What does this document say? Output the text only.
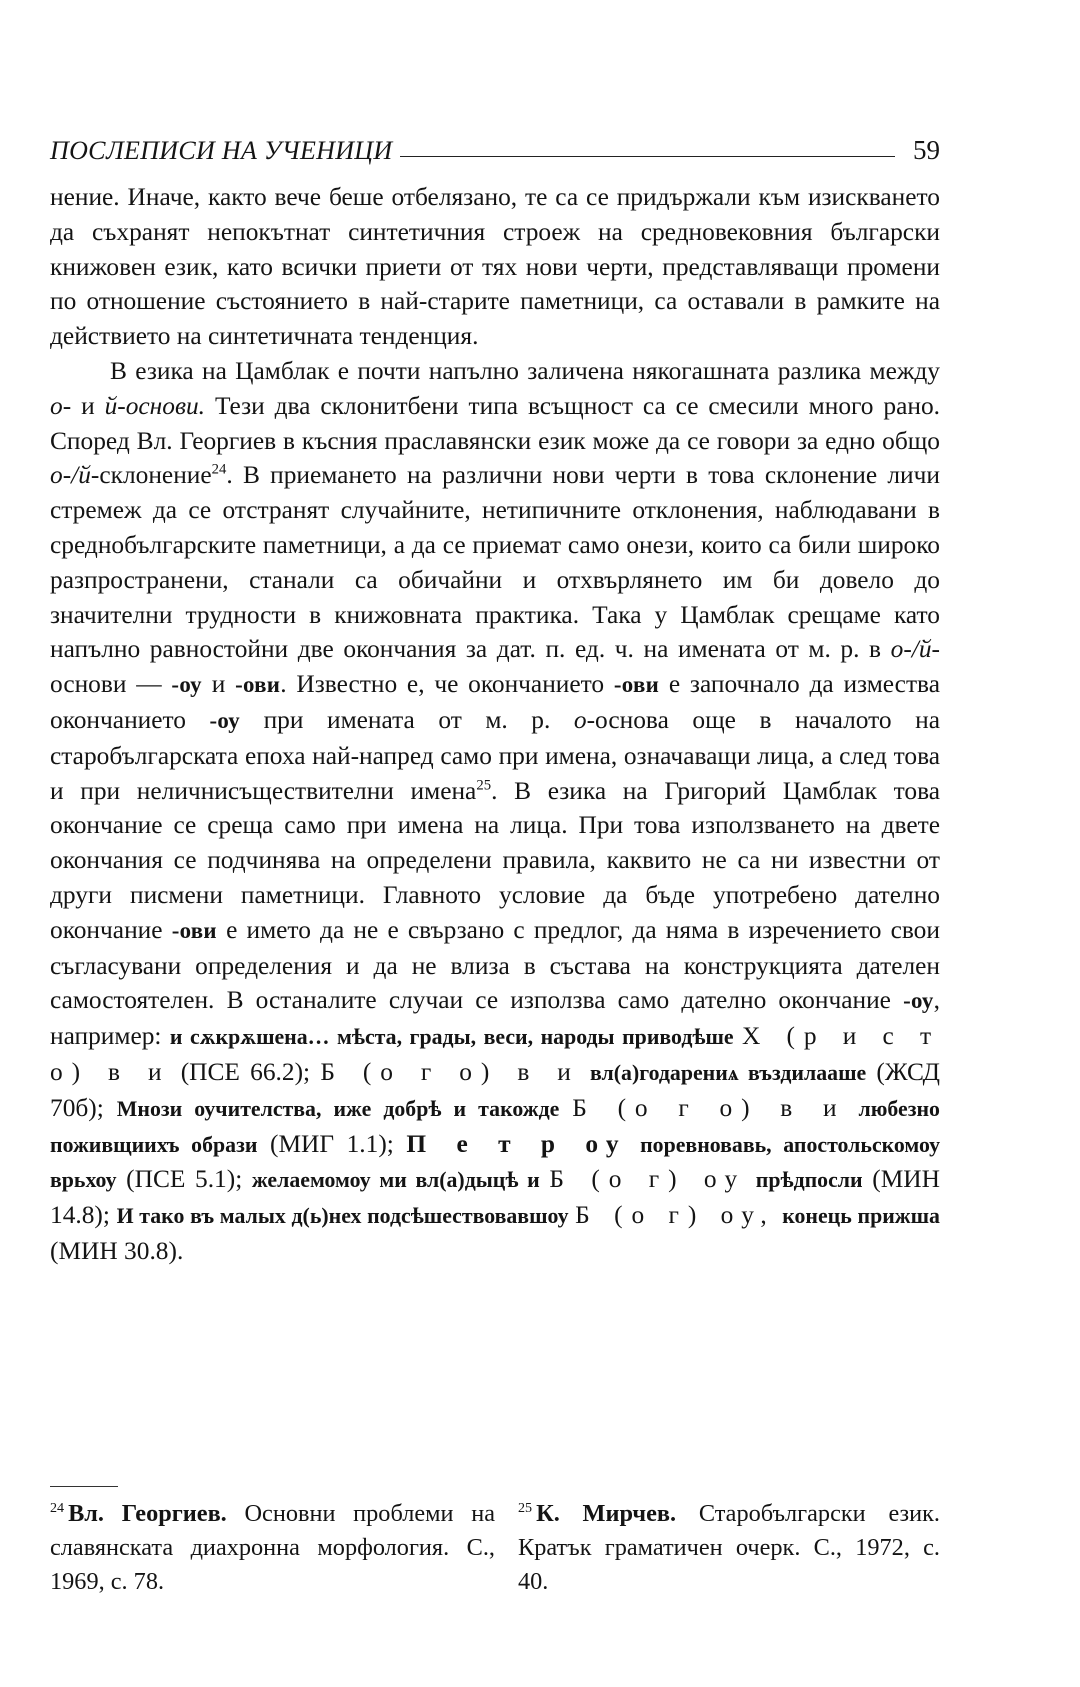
ПОСЛЕПИСИ НА УЧЕНИЦИ	59

нение. Иначе, както вече беше отбелязано, те са се придържали към изискването да съхранят непокътнат синтетичния строеж на средновековния български книжовен език, като всички приети от тях нови черти, представляващи промени по отношение състоянието в най-старите паметници, са оставали в рамките на действието на синтетичната тенденция.

В езика на Цамблак е почти напълно заличена някогашната разлика между о- и й-основи. Тези два склонитбени типа всъщност са се смесили много рано. Според Вл. Георгиев в късния праславянски език може да се говори за едно общо о-/й-склонение$^{24}$. В приемането на различни нови черти в това склонение личи стремеж да се отстранят случайните, нетипичните отклонения, наблюдавани в среднобългарските паметници, а да се приемат само онези, които са били широко разпространени, станали са обичайни и отхвърлянето им би довело до значителни трудности в книжовната практика. Така у Цамблак срещаме като напълно равностойни две окончания за дат. п. ед. ч. на имената от м. р. в о-/й- основи — -оу и -ови. Известно е, че окончанието -ови е започнало да измества окончанието -оу при имената от м. р. о-основа още в началото на старобългарската епоха най-напред само при имена, означаващи лица, а след това и при неличнисъществителни имена$^{25}$. В езика на Григорий Цамблак това окончание се среща само при имена на лица. При това използването на двете окончания се подчинява на определени правила, каквито не са ни известни от други писмени паметници. Главното условие да бъде употребено дателно окончание -ови е името да не е свързано с предлог, да няма в изречението свои съгласувани определения и да не влиза в състава на конструкцията дателен самостоятелен. В останалите случаи се използва само дателно окончание -оу, например: и сѫкрѫшена… мѣста, грады, веси, народы приводѣше Х (р и с т о) в и (ПСЕ 66.2); Б (о г о) в и вл(а)годарениѧ въздилааше (ЖСД 70б); Мнози оучителства, иже добрѣ и такожде Б (о г о) в и любезно поживщиихъ образи (МИГ 1.1); П е т р оу поревновавь, апостольскомоу врьхоу (ПСЕ 5.1); желаемомоу ми вл(а)дыцѣ и Б (о г) оу прѣдпосли (МИН 14.8); И тако въ малых д(ь)нех подсѣшествовавшоу Б (о г) оу, конець прижша (МИН 30.8).

$^{24}$ Вл. Георгиев. Основни проблеми на славянската диахронна морфология. С., 1969, с. 78.
$^{25}$ К. Мирчев. Старобългарски език. Кратък граматичен очерк. С., 1972, с. 40.
